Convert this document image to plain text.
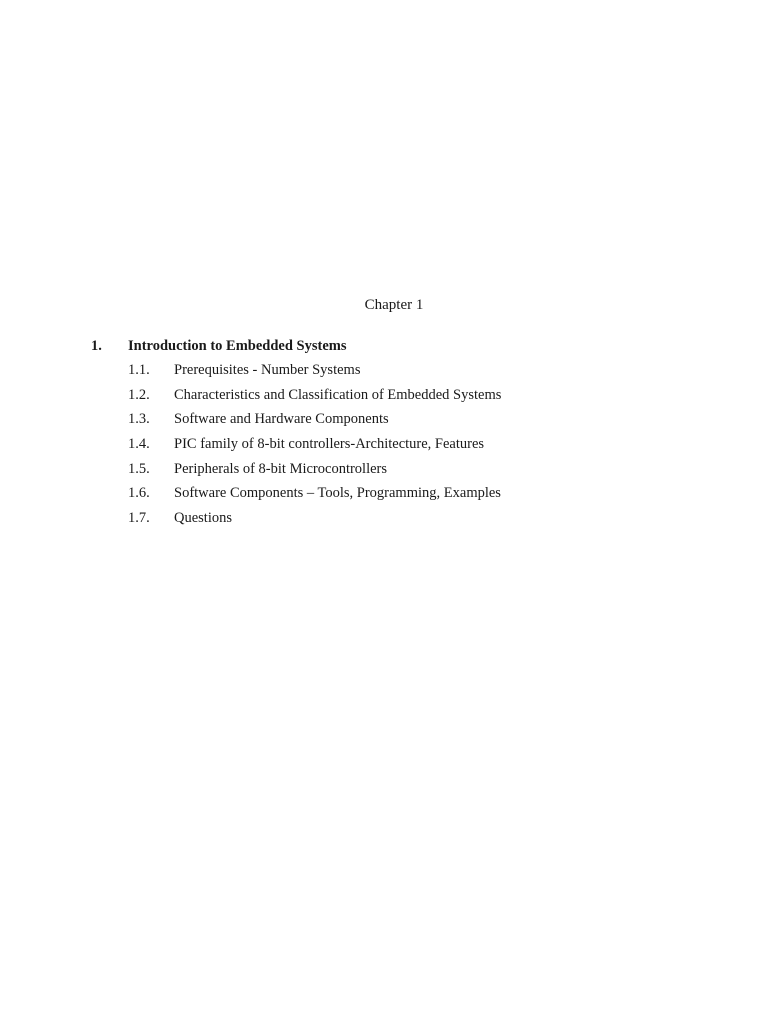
Chapter 1
1.	Introduction to Embedded Systems
1.1.	Prerequisites - Number Systems
1.2.	Characteristics and Classification of Embedded Systems
1.3.	Software and Hardware Components
1.4.	PIC family of 8-bit controllers-Architecture, Features
1.5.	Peripherals of 8-bit Microcontrollers
1.6.	Software Components – Tools, Programming, Examples
1.7.	Questions
